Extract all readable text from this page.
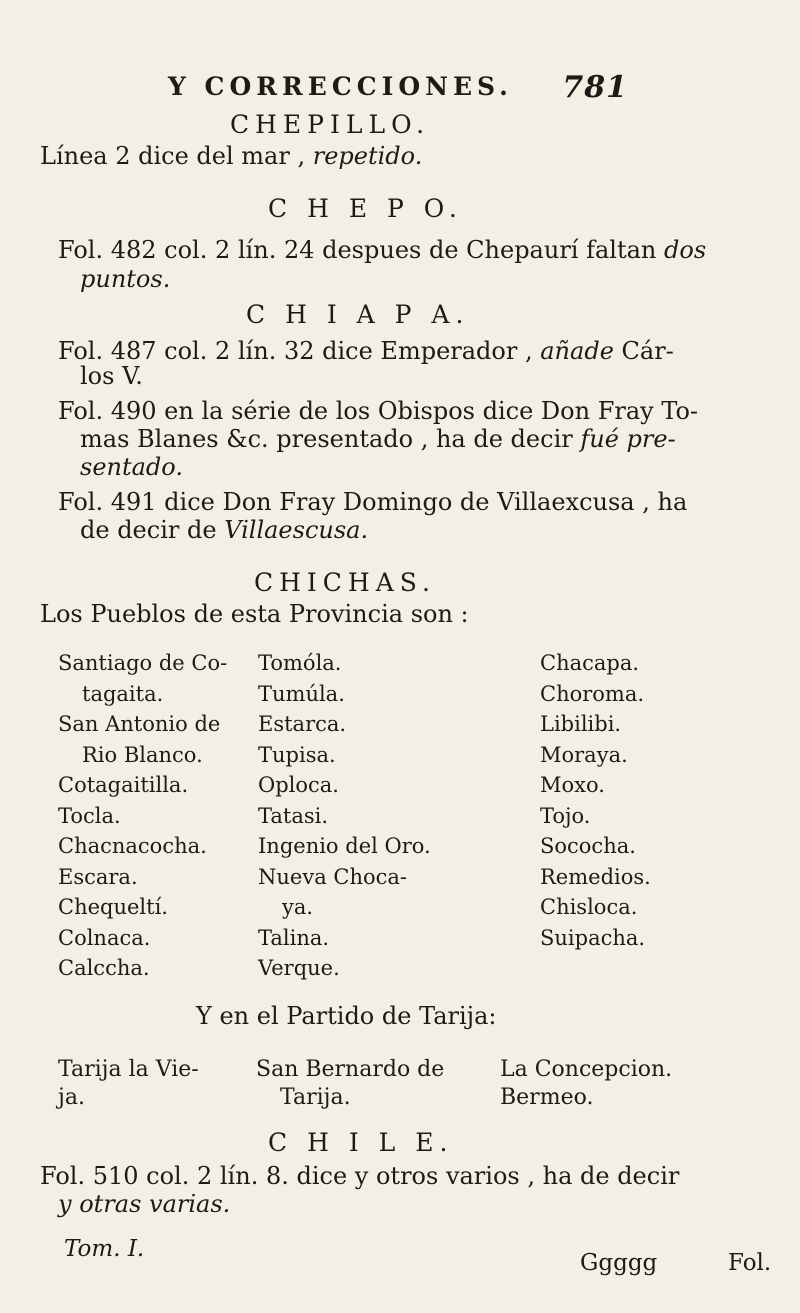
Y CORRECCIONES. 781
CHEPILLO.
Línea 2 dice del mar , repetido.
C H E P O.
Fol. 482 col. 2 lín. 24 despues de Chepaurí faltan dos
puntos.
C H I A P A.
Fol. 487 col. 2 lín. 32 dice Emperador , añade Cár-
los V.
Fol. 490 en la série de los Obispos dice Don Fray To-
mas Blanes &c. presentado , ha de decir fué pre-
sentado.
Fol. 491 dice Don Fray Domingo de Villaexcusa , ha
de decir de Villaescusa.
CHICHAS.
Los Pueblos de esta Provincia son :
Santiago de Co-
tagaita.
San Antonio de
Rio Blanco.
Cotagaitilla.
Tocla.
Chacnacocha.
Escara.
Chequeltí.
Colnaca.
Calccha.
Tomóla.
Tumúla.
Estarca.
Tupisa.
Oploca.
Tatasi.
Ingenio del Oro.
Nueva Choca-
ya.
Talina.
Verque.
Chacapa.
Choroma.
Libilibi.
Moraya.
Moxo.
Tojo.
Sococha.
Remedios.
Chisloca.
Suipacha.
Y en el Partido de Tarija:
Tarija la Vie-
ja.
San Bernardo de
Tarija.
La Concepcion.
Bermeo.
C H I L E.
Fol. 510 col. 2 lín. 8. dice y otros varios , ha de decir
y otras varias.
Tom. I.
Ggggg	Fol.
